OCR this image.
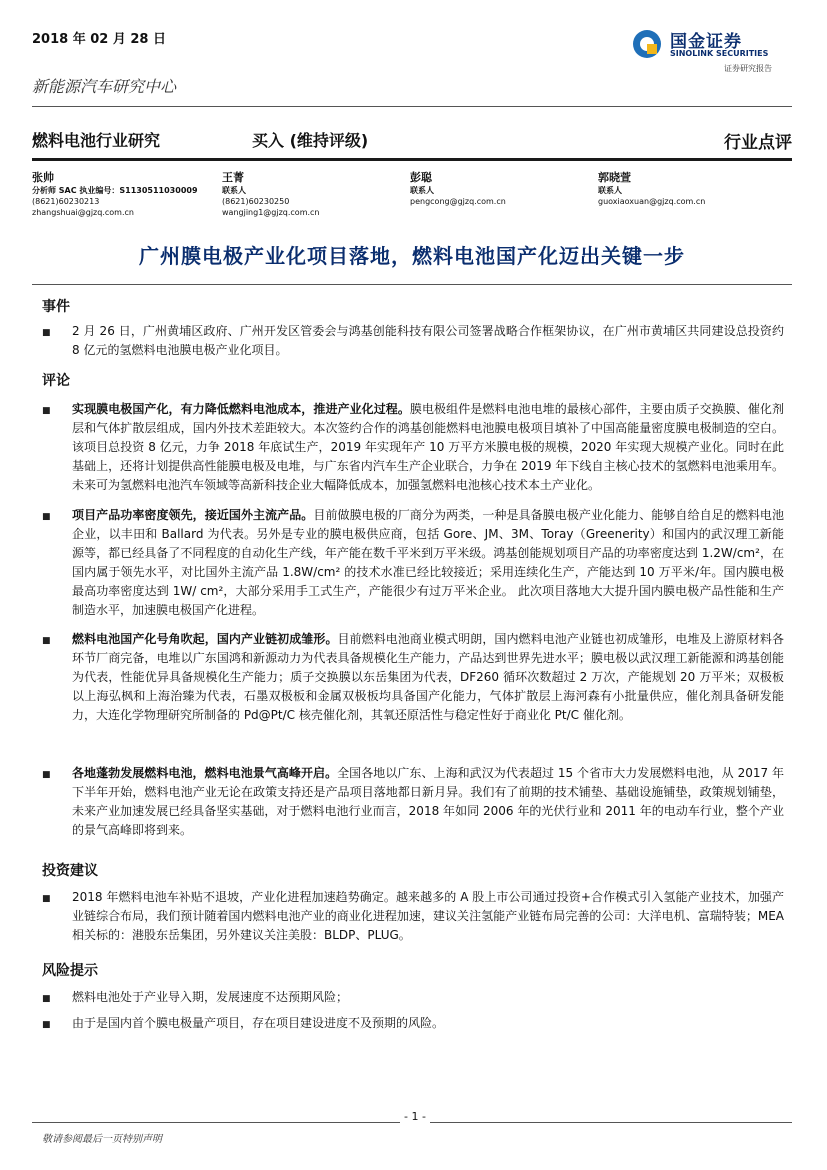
2018 年 02 月 28 日
新能源汽车研究中心
国金证券
SINOLINK SECURITIES
证券研究报告
燃料电池行业研究	买入 (维持评级)	行业点评
张帅
分析师 SAC 执业编号：S1130511030009
(8621)60230213
zhangshuai@gjzq.com.cn
王菁
联系人
(8621)60230250
wangjing1@gjzq.com.cn
彭聪
联系人
pengcong@gjzq.com.cn
郭晓萱
联系人
guoxiaoxuan@gjzq.com.cn
广州膜电极产业化项目落地，燃料电池国产化迈出关键一步
事件
■ 2 月 26 日，广州黄埔区政府、广州开发区管委会与鸿基创能科技有限公司签署战略合作框架协议，在广州市黄埔区共同建设总投资约 8 亿元的氢燃料电池膜电极产业化项目。
评论
■ 实现膜电极国产化，有力降低燃料电池成本，推进产业化过程。膜电极组件是燃料电池电堆的最核心部件，主要由质子交换膜、催化剂层和气体扩散层组成，国内外技术差距较大。本次签约合作的鸿基创能燃料电池膜电极项目填补了中国高能量密度膜电极制造的空白。该项目总投资 8 亿元，力争 2018 年底试生产，2019 年实现年产 10 万平方米膜电极的规模，2020 年实现大规模产业化。同时在此基础上，还将计划提供高性能膜电极及电堆，与广东省内汽车生产企业联合，力争在 2019 年下线自主核心技术的氢燃料电池乘用车。未来可为氢燃料电池汽车领域等高新科技企业大幅降低成本，加强氢燃料电池核心技术本土产业化。
■ 项目产品功率密度领先，接近国外主流产品。目前做膜电极的厂商分为两类，一种是具备膜电极产业化能力、能够自给自足的燃料电池企业，以丰田和 Ballard 为代表。另外是专业的膜电极供应商，包括 Gore、JM、3M、Toray（Greenerity）和国内的武汉理工新能源等，都已经具备了不同程度的自动化生产线，年产能在数千平米到万平米级。鸿基创能规划项目产品的功率密度达到 1.2W/cm²，在国内属于领先水平，对比国外主流产品 1.8W/cm² 的技术水准已经比较接近；采用连续化生产，产能达到 10 万平米/年。国内膜电极最高功率密度达到 1W/ cm²，大部分采用手工式生产，产能很少有过万平米企业。 此次项目落地大大提升国内膜电极产品性能和生产制造水平，加速膜电极国产化进程。
■ 燃料电池国产化号角吹起，国内产业链初成雏形。目前燃料电池商业模式明朗，国内燃料电池产业链也初成雏形，电堆及上游原材料各环节厂商完备，电堆以广东国鸿和新源动力为代表具备规模化生产能力，产品达到世界先进水平；膜电极以武汉理工新能源和鸿基创能为代表，性能优异具备规模化生产能力；质子交换膜以东岳集团为代表，DF260 循环次数超过 2 万次，产能规划 20 万平米；双极板以上海弘枫和上海治臻为代表，石墨双极板和金属双极板均具备国产化能力，气体扩散层上海河森有小批量供应，催化剂具备研发能力，大连化学物理研究所制备的 Pd@Pt/C 核壳催化剂，其氧还原活性与稳定性好于商业化 Pt/C 催化剂。
■ 各地蓬勃发展燃料电池，燃料电池景气高峰开启。全国各地以广东、上海和武汉为代表超过 15 个省市大力发展燃料电池，从 2017 年下半年开始，燃料电池产业无论在政策支持还是产品项目落地都日新月异。我们有了前期的技术铺垫、基础设施铺垫，政策规划铺垫，未来产业加速发展已经具备坚实基础，对于燃料电池行业而言，2018 年如同 2006 年的光伏行业和 2011 年的电动车行业，整个产业的景气高峰即将到来。
投资建议
■ 2018 年燃料电池车补贴不退坡，产业化进程加速趋势确定。越来越多的 A 股上市公司通过投资+合作模式引入氢能产业技术，加强产业链综合布局，我们预计随着国内燃料电池产业的商业化进程加速，建议关注氢能产业链布局完善的公司：大洋电机、富瑞特装；MEA 相关标的：港股东岳集团，另外建议关注美股：BLDP、PLUG。
风险提示
■ 燃料电池处于产业导入期，发展速度不达预期风险；
■ 由于是国内首个膜电极量产项目，存在项目建设进度不及预期的风险。
- 1 -
敬请参阅最后一页特别声明
